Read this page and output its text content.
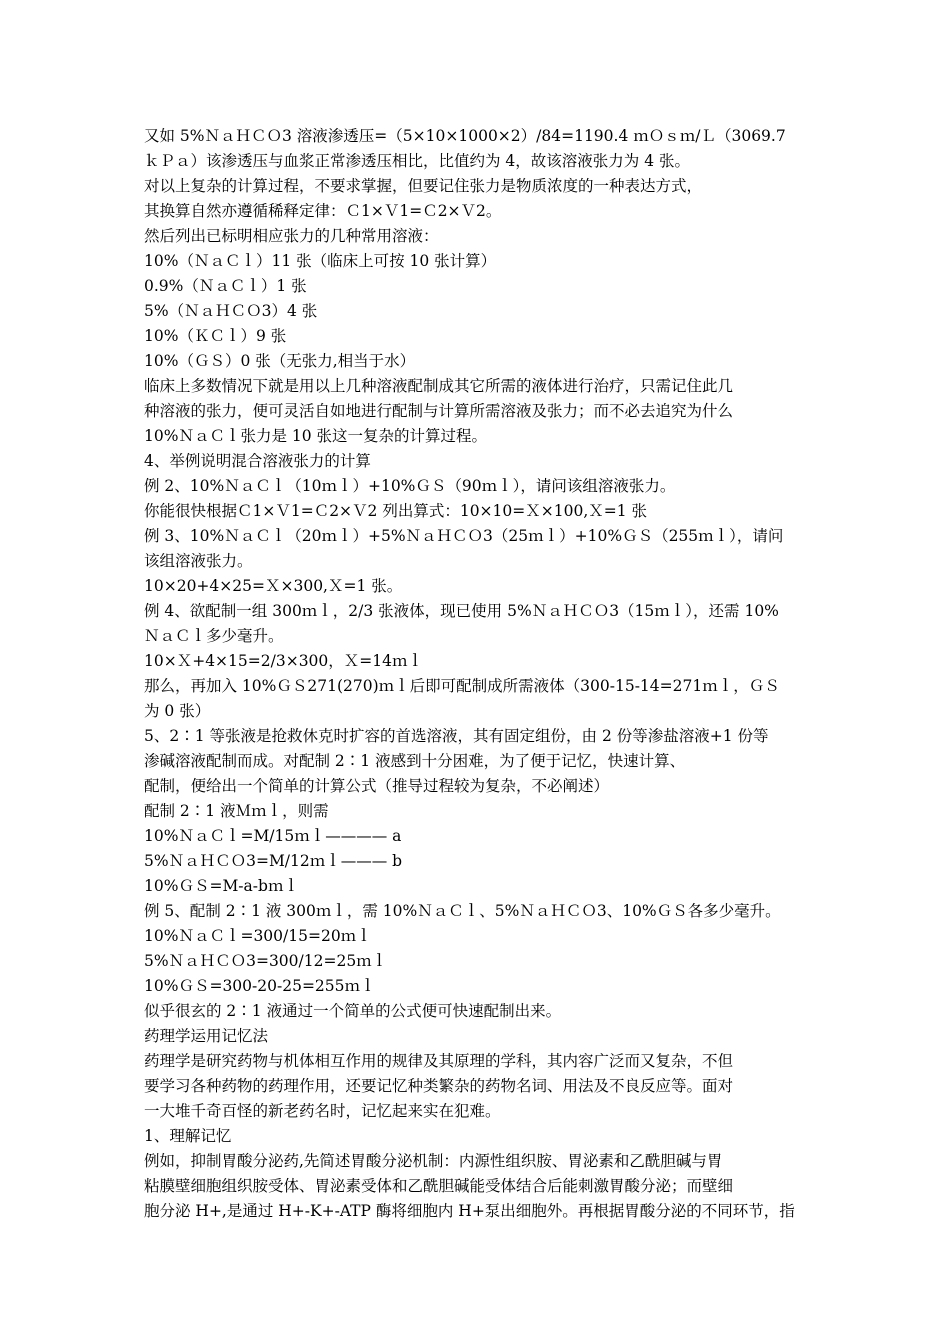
又如 5%ＮａＨＣＯ3 溶液渗透压=（5×10×1000×2）/84=1190.4 ｍＯｓｍ/Ｌ（3069.7
ｋＰａ）该渗透压与血浆正常渗透压相比，比值约为 4，故该溶液张力为 4 张。
对以上复杂的计算过程，不要求掌握，但要记住张力是物质浓度的一种表达方式，
其换算自然亦遵循稀释定律：Ｃ1×Ｖ1=Ｃ2×Ｖ2。
然后列出已标明相应张力的几种常用溶液：
10%（ＮａＣｌ）11 张（临床上可按 10 张计算）
0.9%（ＮａＣｌ）1 张
5%（ＮａＨＣＯ3）4 张
10%（ＫＣｌ）9 张
10%（ＧＳ）0 张（无张力,相当于水）
临床上多数情况下就是用以上几种溶液配制成其它所需的液体进行治疗，只需记住此几
种溶液的张力，便可灵活自如地进行配制与计算所需溶液及张力；而不必去追究为什么
10%ＮａＣｌ张力是 10 张这一复杂的计算过程。
4、举例说明混合溶液张力的计算
例 2、10%ＮａＣｌ（10ｍｌ）+10%ＧＳ（90ｍｌ），请问该组溶液张力。
你能很快根据Ｃ1×Ｖ1=Ｃ2×Ｖ2 列出算式：10×10=Ｘ×100,Ｘ=1 张
例 3、10%ＮａＣｌ（20ｍｌ）+5%ＮａＨＣＯ3（25ｍｌ）+10%ＧＳ（255ｍｌ），请问
该组溶液张力。
10×20+4×25=Ｘ×300,Ｘ=1 张。
例 4、欲配制一组 300ｍｌ，2/3 张液体，现已使用 5%ＮａＨＣＯ3（15ｍｌ），还需 10%
ＮａＣｌ多少毫升。
10×Ｘ+4×15=2/3×300，Ｘ=14ｍｌ
那么，再加入 10%ＧＳ271(270)ｍｌ后即可配制成所需液体（300-15-14=271ｍｌ，ＧＳ
为 0 张）
5、2∶1 等张液是抢救休克时扩容的首选溶液，其有固定组份，由 2 份等渗盐溶液+1 份等
渗碱溶液配制而成。对配制 2∶1 液感到十分困难，为了便于记忆，快速计算、
配制，便给出一个简单的计算公式（推导过程较为复杂，不必阐述）
配制 2∶1 液Ｍｍｌ，则需
10%ＮａＣｌ=M/15ｍｌ———— a
5%ＮａＨＣＯ3=M/12ｍｌ——— b
10%ＧＳ=M-a-bｍｌ
例 5、配制 2∶1 液 300ｍｌ，需 10%ＮａＣｌ、5%ＮａＨＣＯ3、10%ＧＳ各多少毫升。
10%ＮａＣｌ=300/15=20ｍｌ
5%ＮａＨＣＯ3=300/12=25ｍｌ
10%ＧＳ=300-20-25=255ｍｌ
似乎很玄的 2∶1 液通过一个简单的公式便可快速配制出来。
药理学运用记忆法
药理学是研究药物与机体相互作用的规律及其原理的学科，其内容广泛而又复杂，不但
要学习各种药物的药理作用，还要记忆种类繁杂的药物名词、用法及不良反应等。面对
一大堆千奇百怪的新老药名时，记忆起来实在犯难。
1、理解记忆
例如，抑制胃酸分泌药,先简述胃酸分泌机制：内源性组织胺、胃泌素和乙酰胆碱与胃
粘膜壁细胞组织胺受体、胃泌素受体和乙酰胆碱能受体结合后能刺激胃酸分泌；而壁细
胞分泌 H+,是通过 H+-K+-ATP 酶将细胞内 H+泵出细胞外。再根据胃酸分泌的不同环节，指
